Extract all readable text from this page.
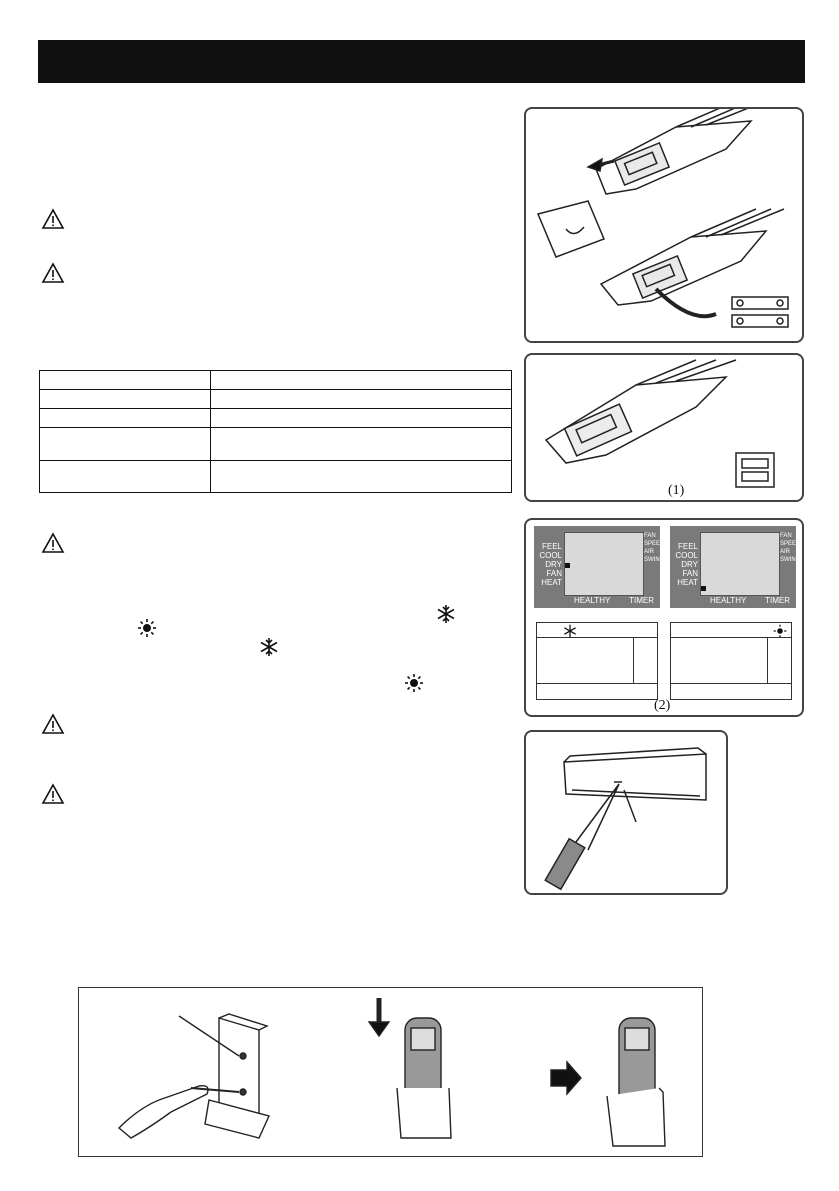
(1)
FEEL
COOL
DRY
FAN
HEAT
FAN
SPEED
AIR
SWING
HEALTHY TIMER
FEEL
COOL
DRY
FAN
HEAT
FAN
SPEED
AIR
SWING
HEALTHY TIMER
(2)
